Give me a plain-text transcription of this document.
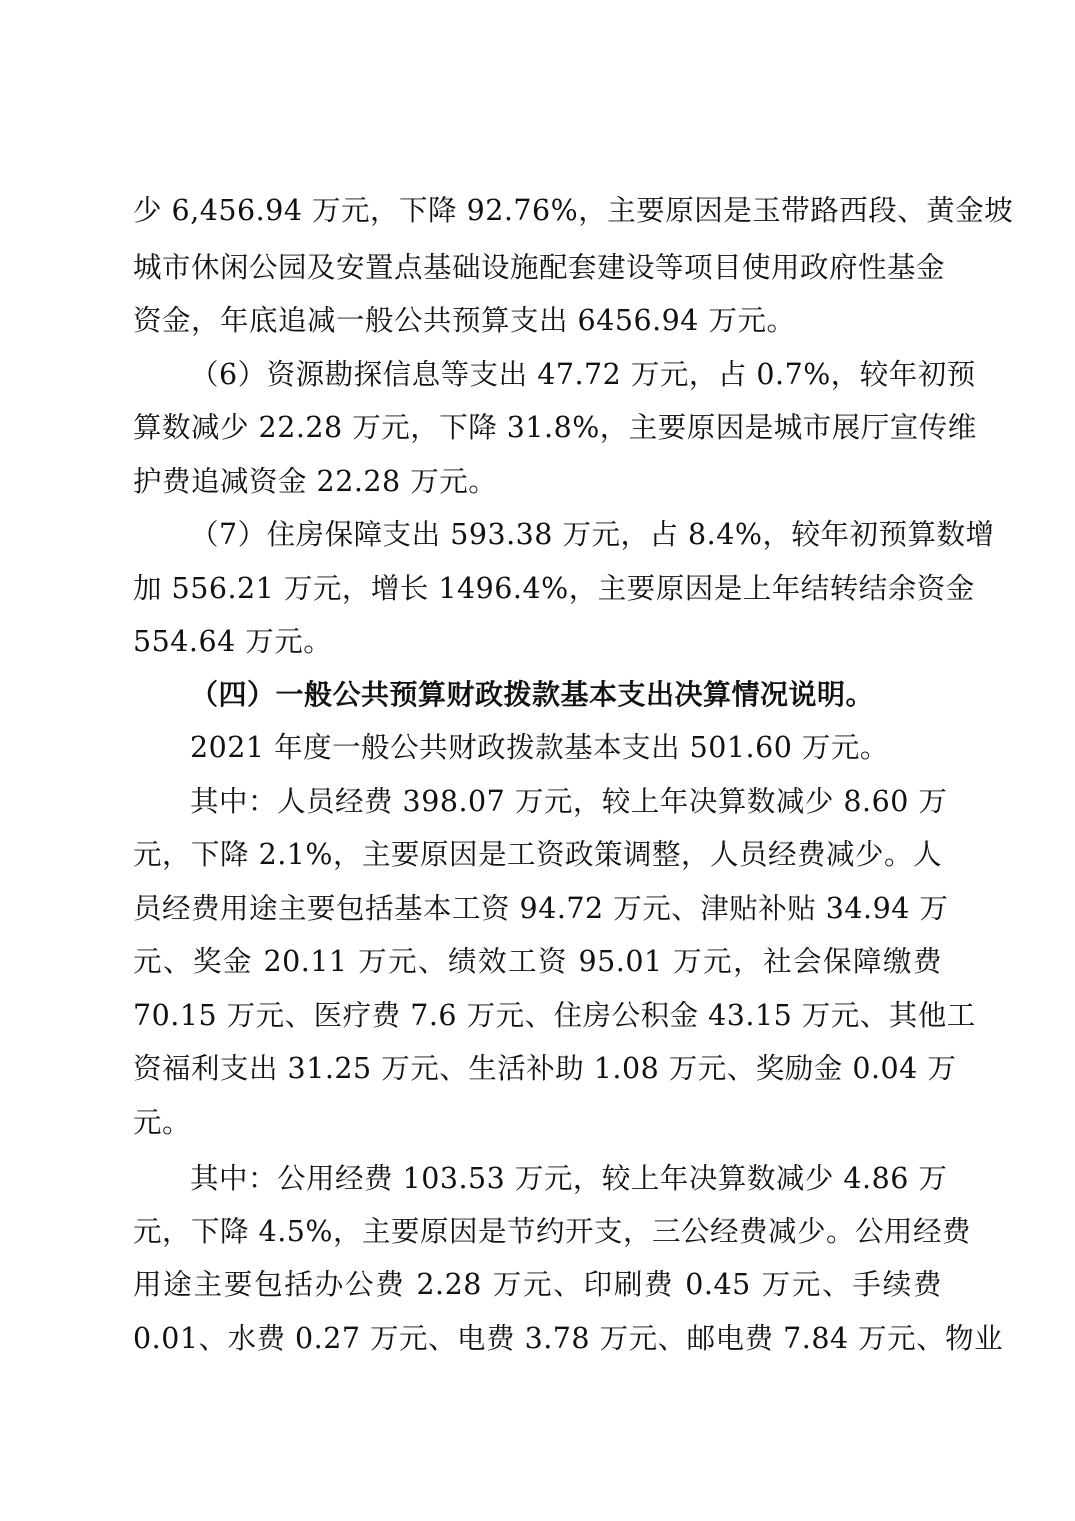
少 6,456.94 万元，下降 92.76%，主要原因是玉带路西段、黄金坡
城市休闲公园及安置点基础设施配套建设等项目使用政府性基金
资金，年底追减一般公共预算支出 6456.94 万元。
（6）资源勘探信息等支出 47.72 万元，占 0.7%，较年初预
算数减少 22.28 万元，下降 31.8%，主要原因是城市展厅宣传维
护费追减资金 22.28 万元。
（7）住房保障支出 593.38 万元，占 8.4%，较年初预算数增
加 556.21 万元，增长 1496.4%，主要原因是上年结转结余资金
554.64 万元。
（四）一般公共预算财政拨款基本支出决算情况说明。
2021 年度一般公共财政拨款基本支出 501.60 万元。
其中：人员经费 398.07 万元，较上年决算数减少 8.60 万
元，下降 2.1%，主要原因是工资政策调整，人员经费减少。人
员经费用途主要包括基本工资 94.72 万元、津贴补贴 34.94 万
元、奖金 20.11 万元、绩效工资 95.01 万元，社会保障缴费
70.15 万元、医疗费 7.6 万元、住房公积金 43.15 万元、其他工
资福利支出 31.25 万元、生活补助 1.08 万元、奖励金 0.04 万
元。
其中：公用经费 103.53 万元，较上年决算数减少 4.86 万
元，下降 4.5%，主要原因是节约开支，三公经费减少。公用经费
用途主要包括办公费 2.28 万元、印刷费 0.45 万元、手续费
0.01、水费 0.27 万元、电费 3.78 万元、邮电费 7.84 万元、物业
